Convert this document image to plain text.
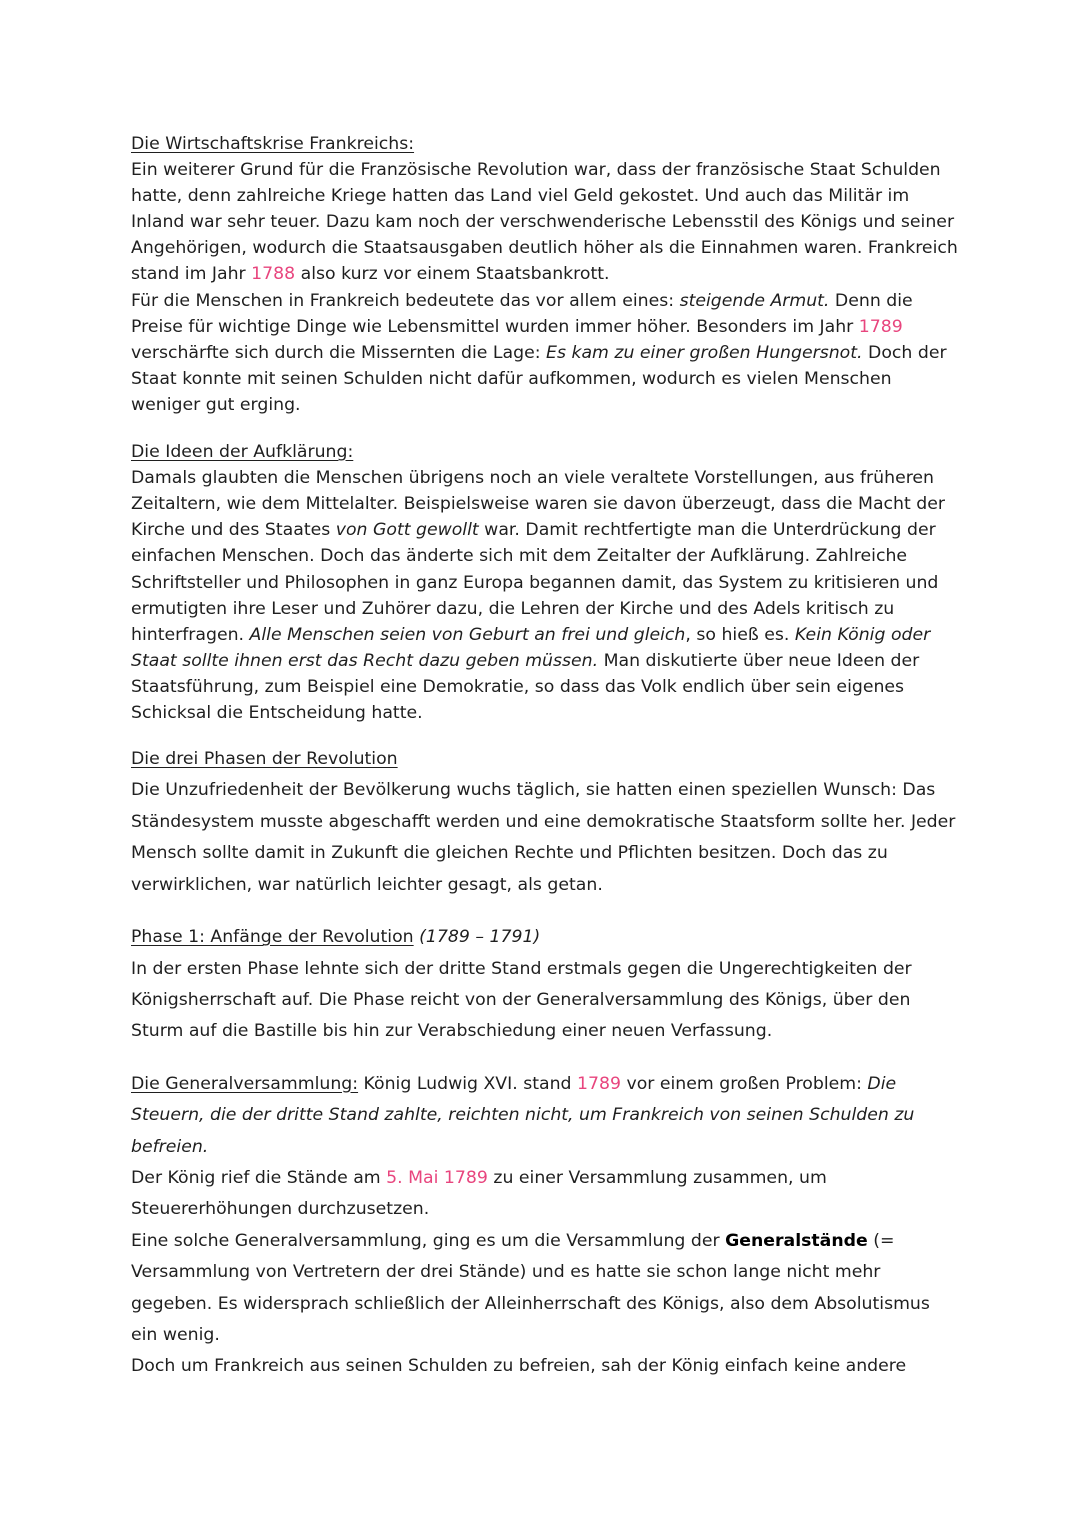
Die Wirtschaftskrise Frankreichs:

Ein weiterer Grund für die Französische Revolution war, dass der französische Staat Schulden hatte, denn zahlreiche Kriege hatten das Land viel Geld gekostet. Und auch das Militär im Inland war sehr teuer. Dazu kam noch der verschwenderische Lebensstil des Königs und seiner Angehörigen, wodurch die Staatsausgaben deutlich höher als die Einnahmen waren. Frankreich stand im Jahr 1788 also kurz vor einem Staatsbankrott.

Für die Menschen in Frankreich bedeutete das vor allem eines: steigende Armut. Denn die Preise für wichtige Dinge wie Lebensmittel wurden immer höher. Besonders im Jahr 1789 verschärfte sich durch die Missernten die Lage: Es kam zu einer großen Hungersnot. Doch der Staat konnte mit seinen Schulden nicht dafür aufkommen, wodurch es vielen Menschen weniger gut erging.

Die Ideen der Aufklärung:

Damals glaubten die Menschen übrigens noch an viele veraltete Vorstellungen, aus früheren Zeitaltern, wie dem Mittelalter. Beispielsweise waren sie davon überzeugt, dass die Macht der Kirche und des Staates von Gott gewollt war. Damit rechtfertigte man die Unterdrückung der einfachen Menschen. Doch das änderte sich mit dem Zeitalter der Aufklärung. Zahlreiche Schriftsteller und Philosophen in ganz Europa begannen damit, das System zu kritisieren und ermutigten ihre Leser und Zuhörer dazu, die Lehren der Kirche und des Adels kritisch zu hinterfragen. Alle Menschen seien von Geburt an frei und gleich, so hieß es. Kein König oder Staat sollte ihnen erst das Recht dazu geben müssen. Man diskutierte über neue Ideen der Staatsführung, zum Beispiel eine Demokratie, so dass das Volk endlich über sein eigenes Schicksal die Entscheidung hatte.

Die drei Phasen der Revolution

Die Unzufriedenheit der Bevölkerung wuchs täglich, sie hatten einen speziellen Wunsch: Das Ständesystem musste abgeschafft werden und eine demokratische Staatsform sollte her. Jeder Mensch sollte damit in Zukunft die gleichen Rechte und Pflichten besitzen. Doch das zu verwirklichen, war natürlich leichter gesagt, als getan.

Phase 1: Anfänge der Revolution (1789 – 1791)

In der ersten Phase lehnte sich der dritte Stand erstmals gegen die Ungerechtigkeiten der Königsherrschaft auf. Die Phase reicht von der Generalversammlung des Königs, über den Sturm auf die Bastille bis hin zur Verabschiedung einer neuen Verfassung.

Die Generalversammlung: König Ludwig XVI. stand 1789 vor einem großen Problem: Die Steuern, die der dritte Stand zahlte, reichten nicht, um Frankreich von seinen Schulden zu befreien.

Der König rief die Stände am 5. Mai 1789 zu einer Versammlung zusammen, um Steuererhöhungen durchzusetzen.

Eine solche Generalversammlung, ging es um die Versammlung der Generalstände (= Versammlung von Vertretern der drei Stände) und es hatte sie schon lange nicht mehr gegeben. Es widersprach schließlich der Alleinherrschaft des Königs, also dem Absolutismus ein wenig.

Doch um Frankreich aus seinen Schulden zu befreien, sah der König einfach keine andere
